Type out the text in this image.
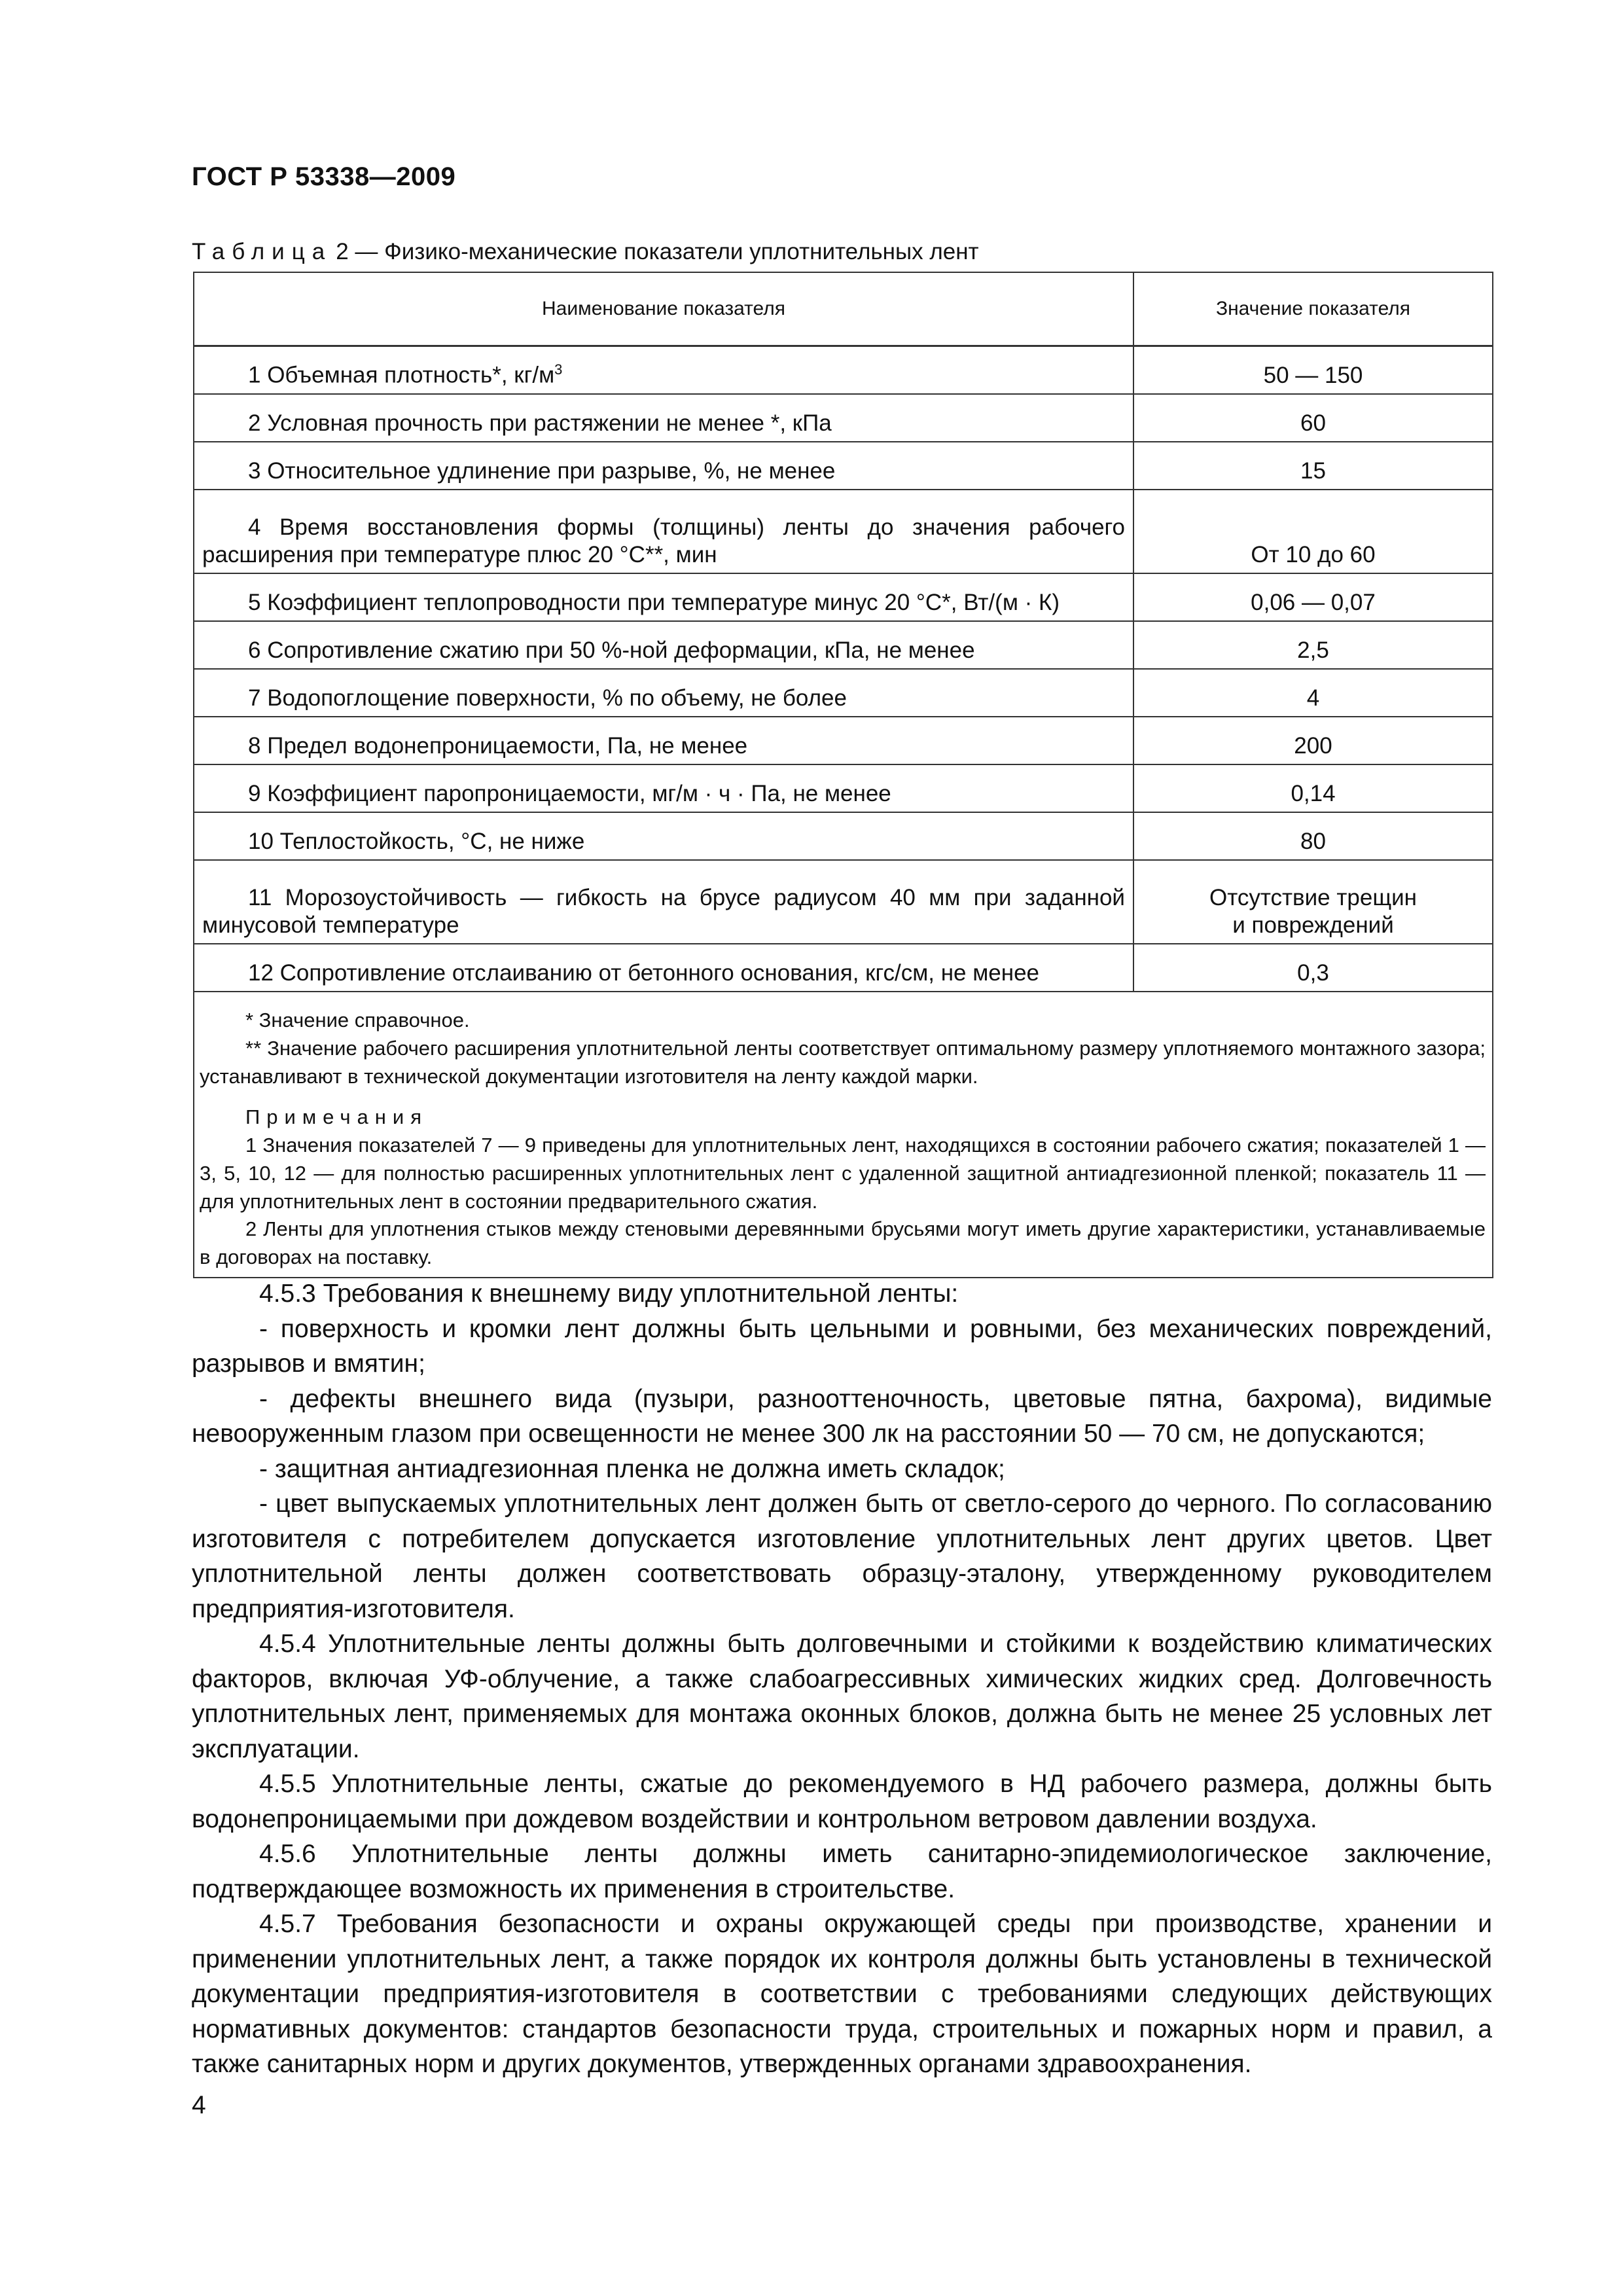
ГОСТ Р 53338—2009
Таблица 2 — Физико-механические показатели уплотнительных лент
Наименование показателя	Значение показателя
1 Объемная плотность*, $кг/м^3$	50 — 150
2 Условная прочность при растяжении не менее *, кПа	60
3 Относительное удлинение при разрыве, %, не менее	15
4 Время восстановления формы (толщины) ленты до значения рабочего расширения при температуре плюс 20 °С**, мин	От 10 до 60
5 Коэффициент теплопроводности при температуре минус 20 °С*, Вт/(м · К)	0,06 — 0,07
6 Сопротивление сжатию при 50 %-ной деформации, кПа, не менее	2,5
7 Водопоглощение поверхности, % по объему, не более	4
8 Предел водонепроницаемости, Па, не менее	200
9 Коэффициент паропроницаемости, мг/м · ч · Па, не менее	0,14
10 Теплостойкость, °С, не ниже	80
11 Морозоустойчивость — гибкость на брусе радиусом 40 мм при заданной минусовой температуре	Отсутствие трещин
и повреждений
12 Сопротивление отслаиванию от бетонного основания, кгс/см, не менее	0,3

* Значение справочное.

** Значение рабочего расширения уплотнительной ленты соответствует оптимальному размеру уплотняемого монтажного зазора; устанавливают в технической документации изготовителя на ленту каждой марки.

Примечания

1 Значения показателей 7 — 9 приведены для уплотнительных лент, находящихся в состоянии рабочего сжатия; показателей 1 — 3, 5, 10, 12 — для полностью расширенных уплотнительных лент с удаленной защитной антиадгезионной пленкой; показатель 11 — для уплотнительных лент в состоянии предварительного сжатия.

2 Ленты для уплотнения стыков между стеновыми деревянными брусьями могут иметь другие характеристики, устанавливаемые в договорах на поставку.	

4.5.3 Требования к внешнему виду уплотнительной ленты:

- поверхность и кромки лент должны быть цельными и ровными, без механических повреждений, разрывов и вмятин;

- дефекты внешнего вида (пузыри, разнооттеночность, цветовые пятна, бахрома), видимые невооруженным глазом при освещенности не менее 300 лк на расстоянии 50 — 70 см, не допускаются;

- защитная антиадгезионная пленка не должна иметь складок;

- цвет выпускаемых уплотнительных лент должен быть от светло-серого до черного. По согласованию изготовителя с потребителем допускается изготовление уплотнительных лент других цветов. Цвет уплотнительной ленты должен соответствовать образцу-эталону, утвержденному руководителем предприятия-изготовителя.

4.5.4 Уплотнительные ленты должны быть долговечными и стойкими к воздействию климатических факторов, включая УФ-облучение, а также слабоагрессивных химических жидких сред. Долговечность уплотнительных лент, применяемых для монтажа оконных блоков, должна быть не менее 25 условных лет эксплуатации.

4.5.5 Уплотнительные ленты, сжатые до рекомендуемого в НД рабочего размера, должны быть водонепроницаемыми при дождевом воздействии и контрольном ветровом давлении воздуха.

4.5.6 Уплотнительные ленты должны иметь санитарно-эпидемиологическое заключение, подтверждающее возможность их применения в строительстве.

4.5.7 Требования безопасности и охраны окружающей среды при производстве, хранении и применении уплотнительных лент, а также порядок их контроля должны быть установлены в технической документации предприятия-изготовителя в соответствии с требованиями следующих действующих нормативных документов: стандартов безопасности труда, строительных и пожарных норм и правил, а также санитарных норм и других документов, утвержденных органами здравоохранения.

4
